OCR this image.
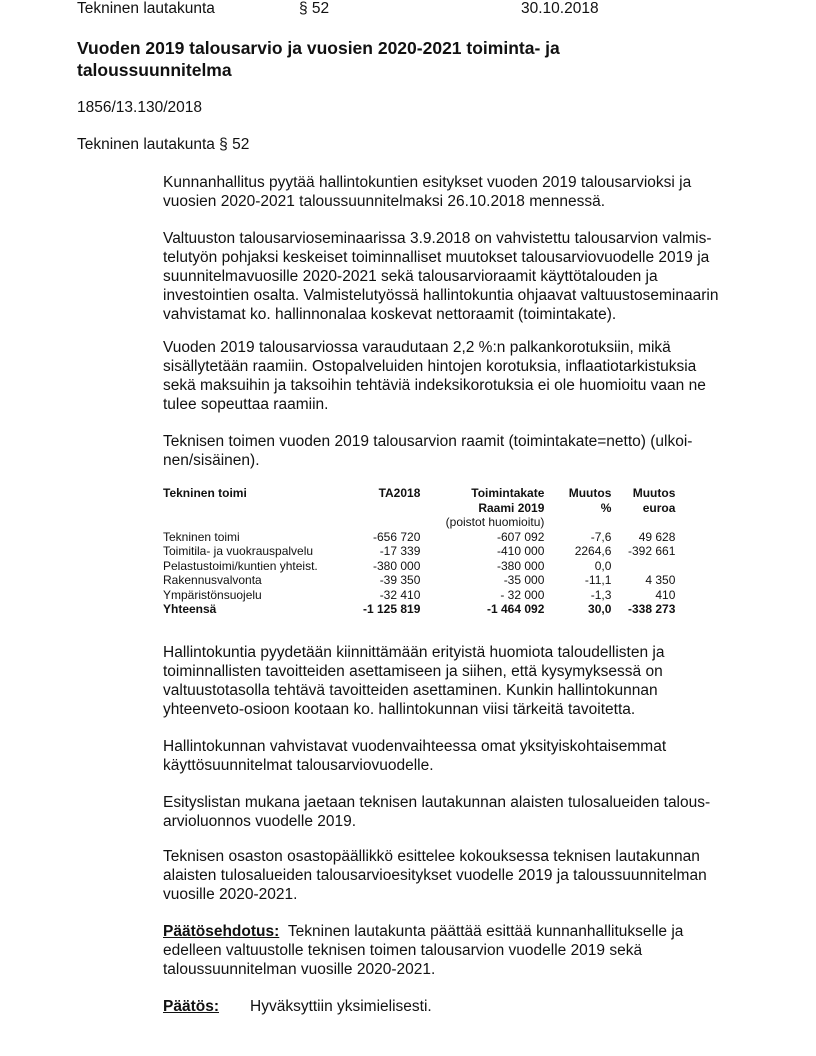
Tekninen lautakunta	§ 52	30.10.2018
Vuoden 2019 talousarvio ja vuosien 2020-2021 toiminta- ja taloussuunnitelma
1856/13.130/2018
Tekninen lautakunta § 52
Kunnanhallitus pyytää hallintokuntien esitykset vuoden 2019 talousarvioksi ja
vuosien 2020-2021 taloussuunnitelmaksi 26.10.2018 mennessä.
Valtuuston talousarvioseminaarissa 3.9.2018 on vahvistettu talousarvion valmis-
telutyön pohjaksi keskeiset toiminnalliset muutokset talousarviovuodelle 2019 ja
suunnitelmavuosille 2020-2021 sekä talousarvioraamit käyttötalouden ja
investointien osalta. Valmistelutyössä hallintokuntia ohjaavat valtuustoseminaarin
vahvistamat ko. hallinnonalaa koskevat nettoraamit (toimintakate).
Vuoden 2019 talousarviossa varaudutaan 2,2 %:n palkankorotuksiin, mikä
sisällytetään raamiin. Ostopalveluiden hintojen korotuksia, inflaatiotarkistuksia
sekä maksuihin ja taksoihin tehtäviä indeksikorotuksia ei ole huomioitu vaan ne
tulee sopeuttaa raamiin.
Teknisen toimen vuoden 2019 talousarvion raamit (toimintakate=netto) (ulkoi-
nen/sisäinen).
Tekninen toimi	TA2018	Toimintakate	Muutos	Muutos
		Raami 2019	%	euroa
		(poistot huomioitu)		
Tekninen toimi	-656 720	-607 092	-7,6	49 628
Toimitila- ja vuokrauspalvelu	-17 339	-410 000	2264,6	-392 661
Pelastustoimi/kuntien yhteist.	-380 000	-380 000	0,0	
Rakennusvalvonta	-39 350	-35 000	-11,1	4 350
Ympäristönsuojelu	-32 410	- 32 000	-1,3	410
Yhteensä	-1 125 819	-1 464 092	30,0	-338 273
Hallintokuntia pyydetään kiinnittämään erityistä huomiota taloudellisten ja
toiminnallisten tavoitteiden asettamiseen ja siihen, että kysymyksessä on
valtuustotasolla tehtävä tavoitteiden asettaminen. Kunkin hallintokunnan
yhteenveto-osioon kootaan ko. hallintokunnan viisi tärkeitä tavoitetta.
Hallintokunnan vahvistavat vuodenvaihteessa omat yksityiskohtaisemmat
käyttösuunnitelmat talousarviovuodelle.
Esityslistan mukana jaetaan teknisen lautakunnan alaisten tulosalueiden talous-
arvioluonnos vuodelle 2019.
Teknisen osaston osastopäällikkö esittelee kokouksessa teknisen lautakunnan
alaisten tulosalueiden talousarvioesitykset vuodelle 2019 ja taloussuunnitelman
vuosille 2020-2021.
Päätösehdotus: Tekninen lautakunta päättää esittää kunnanhallitukselle ja
edelleen valtuustolle teknisen toimen talousarvion vuodelle 2019 sekä
taloussuunnitelman vuosille 2020-2021.
Päätös: Hyväksyttiin yksimielisesti.
